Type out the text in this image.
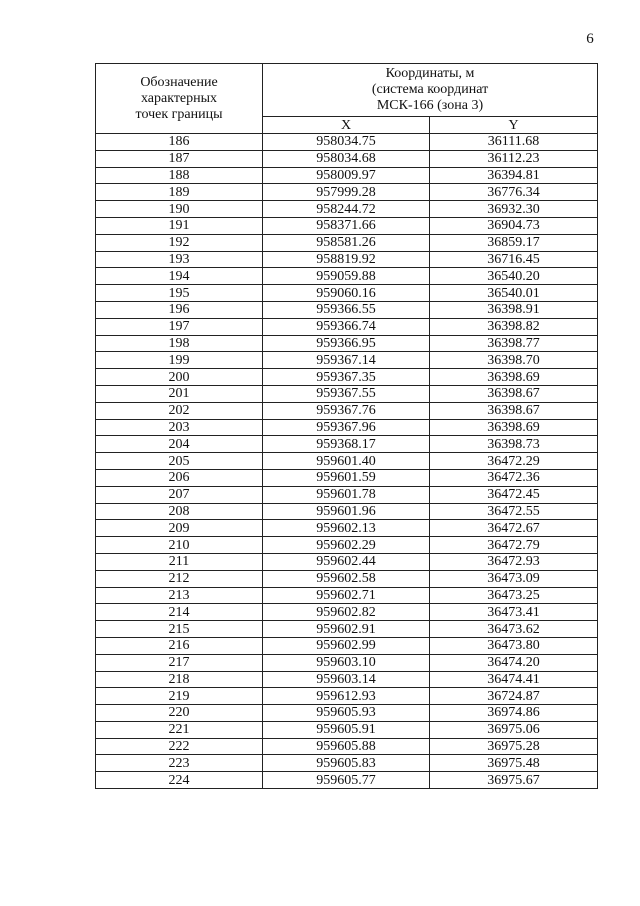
6
Обозначение
характерных
точек границы	Координаты, м
(система координат
МСК-166 (зона 3)	

	X	Y
186	958034.75	36111.68
187	958034.68	36112.23
188	958009.97	36394.81
189	957999.28	36776.34
190	958244.72	36932.30
191	958371.66	36904.73
192	958581.26	36859.17
193	958819.92	36716.45
194	959059.88	36540.20
195	959060.16	36540.01
196	959366.55	36398.91
197	959366.74	36398.82
198	959366.95	36398.77
199	959367.14	36398.70
200	959367.35	36398.69
201	959367.55	36398.67
202	959367.76	36398.67
203	959367.96	36398.69
204	959368.17	36398.73
205	959601.40	36472.29
206	959601.59	36472.36
207	959601.78	36472.45
208	959601.96	36472.55
209	959602.13	36472.67
210	959602.29	36472.79
211	959602.44	36472.93
212	959602.58	36473.09
213	959602.71	36473.25
214	959602.82	36473.41
215	959602.91	36473.62
216	959602.99	36473.80
217	959603.10	36474.20
218	959603.14	36474.41
219	959612.93	36724.87
220	959605.93	36974.86
221	959605.91	36975.06
222	959605.88	36975.28
223	959605.83	36975.48
224	959605.77	36975.67
